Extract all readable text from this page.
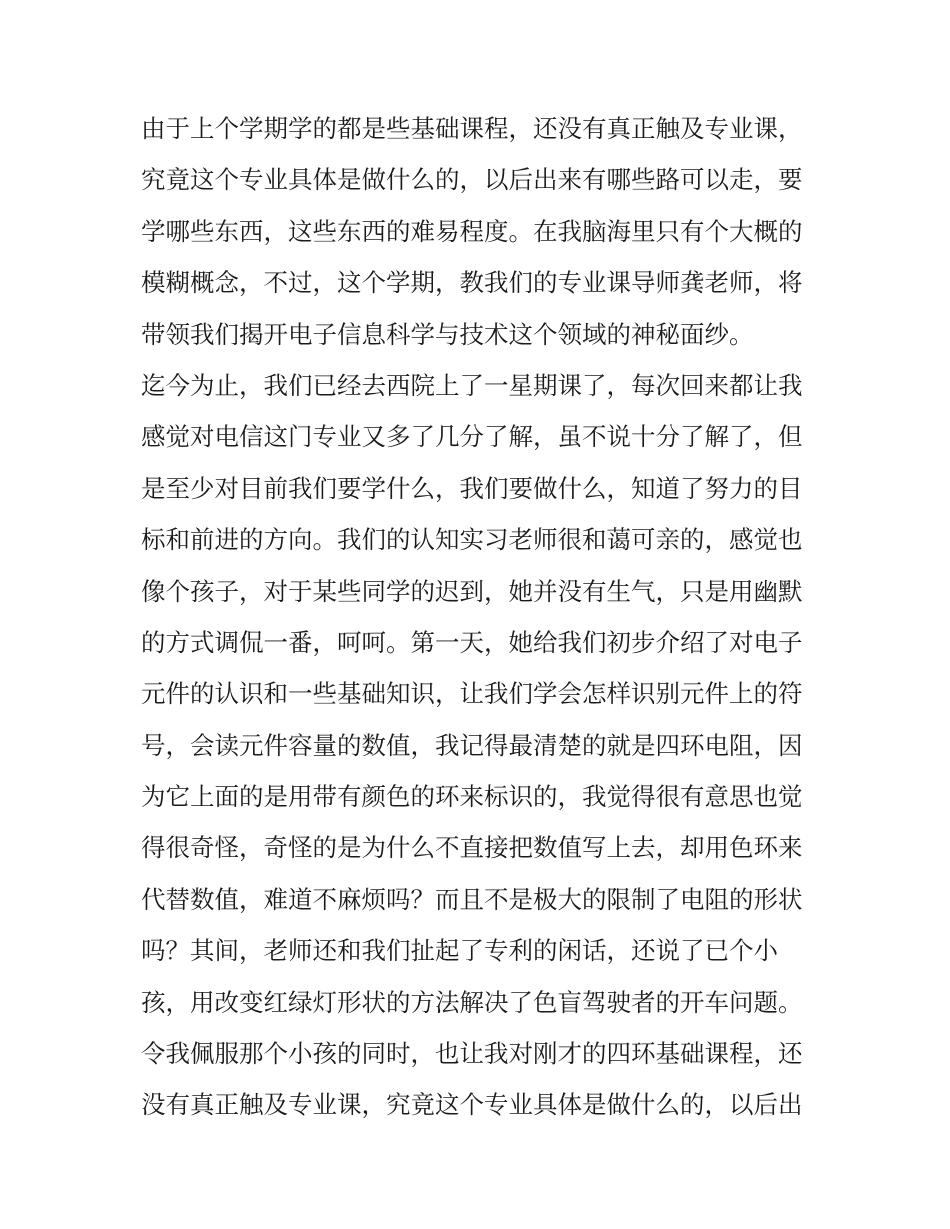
由于上个学期学的都是些基础课程，还没有真正触及专业课，
究竟这个专业具体是做什么的，以后出来有哪些路可以走，要
学哪些东西，这些东西的难易程度。在我脑海里只有个大概的
模糊概念，不过，这个学期，教我们的专业课导师龚老师，将
带领我们揭开电子信息科学与技术这个领域的神秘面纱。
迄今为止，我们已经去西院上了一星期课了，每次回来都让我
感觉对电信这门专业又多了几分了解，虽不说十分了解了，但
是至少对目前我们要学什么，我们要做什么，知道了努力的目
标和前进的方向。我们的认知实习老师很和蔼可亲的，感觉也
像个孩子，对于某些同学的迟到，她并没有生气，只是用幽默
的方式调侃一番，呵呵。第一天，她给我们初步介绍了对电子
元件的认识和一些基础知识，让我们学会怎样识别元件上的符
号，会读元件容量的数值，我记得最清楚的就是四环电阻，因
为它上面的是用带有颜色的环来标识的，我觉得很有意思也觉
得很奇怪，奇怪的是为什么不直接把数值写上去，却用色环来
代替数值，难道不麻烦吗？而且不是极大的限制了电阻的形状
吗？其间，老师还和我们扯起了专利的闲话，还说了已个小
孩，用改变红绿灯形状的方法解决了色盲驾驶者的开车问题。
令我佩服那个小孩的同时，也让我对刚才的四环基础课程，还
没有真正触及专业课，究竟这个专业具体是做什么的，以后出
